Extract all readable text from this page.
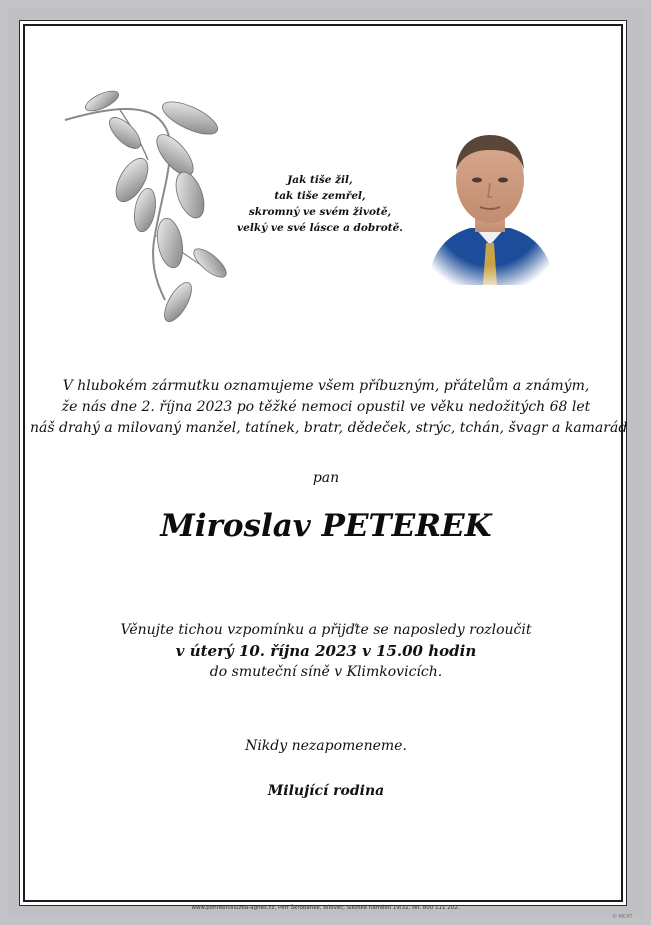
Jak tiše žil,
tak tiše zemřel,
skromný ve svém životě,
velký ve své lásce a dobrotě.
V hlubokém zármutku oznamujeme všem příbuzným, přátelům a známým,
že nás dne 2. října 2023 po těžké nemoci opustil ve věku nedožitých 68 let
náš drahý a milovaný manžel, tatínek, bratr, dědeček, strýc, tchán, švagr a kamarád
pan
Miroslav PETEREK
Věnujte tichou vzpomínku a přijďte se naposledy rozloučit
v úterý 10. října 2023 v 15.00 hodin
do smuteční síně v Klimkovicích.
Nikdy nezapomeneme.
Milující rodina
www.pohrebnisluzba-agnes.cz, Petr Škrobánek, Bílovec, Slezské náměstí 19/32, tel. 800 111 202.
© MCRT
